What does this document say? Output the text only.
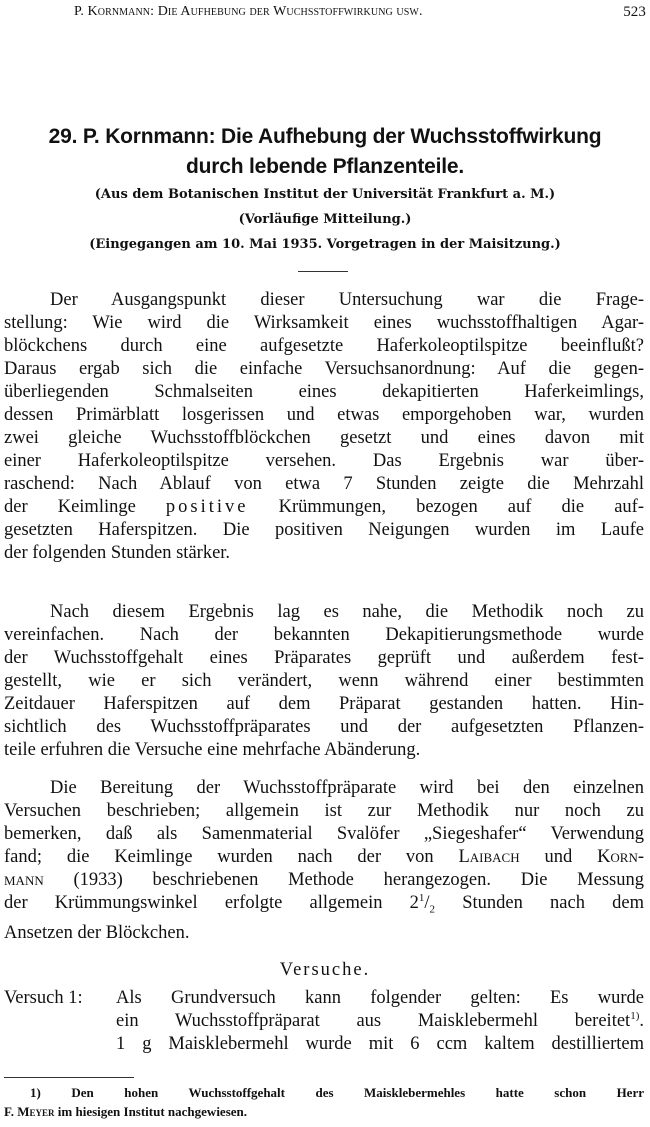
P. Kornmann: Die Aufhebung der Wuchsstoffwirkung usw.	523
29. P. Kornmann: Die Aufhebung der Wuchsstoffwirkung
durch lebende Pflanzenteile.
(Aus dem Botanischen Institut der Universität Frankfurt a. M.)
(Vorläufige Mitteilung.)
(Eingegangen am 10. Mai 1935. Vorgetragen in der Maisitzung.)
Der Ausgangspunkt dieser Untersuchung war die Frage-
stellung: Wie wird die Wirksamkeit eines wuchsstoffhaltigen Agar-
blöckchens durch eine aufgesetzte Haferkoleoptilspitze beeinflußt?
Daraus ergab sich die einfache Versuchsanordnung: Auf die gegen-
überliegenden Schmalseiten eines dekapitierten Haferkeimlings,
dessen Primärblatt losgerissen und etwas emporgehoben war, wurden
zwei gleiche Wuchsstoffblöckchen gesetzt und eines davon mit
einer Haferkoleoptilspitze versehen. Das Ergebnis war über-
raschend: Nach Ablauf von etwa 7 Stunden zeigte die Mehrzahl
der Keimlinge positive Krümmungen, bezogen auf die auf-
gesetzten Haferspitzen. Die positiven Neigungen wurden im Laufe
der folgenden Stunden stärker.
Nach diesem Ergebnis lag es nahe, die Methodik noch zu
vereinfachen. Nach der bekannten Dekapitierungsmethode wurde
der Wuchsstoffgehalt eines Präparates geprüft und außerdem fest-
gestellt, wie er sich verändert, wenn während einer bestimmten
Zeitdauer Haferspitzen auf dem Präparat gestanden hatten. Hin-
sichtlich des Wuchsstoffpräparates und der aufgesetzten Pflanzen-
teile erfuhren die Versuche eine mehrfache Abänderung.
Die Bereitung der Wuchsstoffpräparate wird bei den einzelnen
Versuchen beschrieben; allgemein ist zur Methodik nur noch zu
bemerken, daß als Samenmaterial Svalöfer „Siegeshafer“ Verwendung
fand; die Keimlinge wurden nach der von Laibach und Korn-
mann (1933) beschriebenen Methode herangezogen. Die Messung
der Krümmungswinkel erfolgte allgemein $2^1/_2$ Stunden nach dem
Ansetzen der Blöckchen.
Versuche.
Versuch 1: Als Grundversuch kann folgender gelten: Es wurde
ein Wuchsstoffpräparat aus Maisklebermehl bereitet$^{1)}$.
1 g Maisklebermehl wurde mit 6 ccm kaltem destilliertem
1) Den hohen Wuchsstoffgehalt des Maisklebermehles hatte schon Herr
F. Meyer im hiesigen Institut nachgewiesen.
